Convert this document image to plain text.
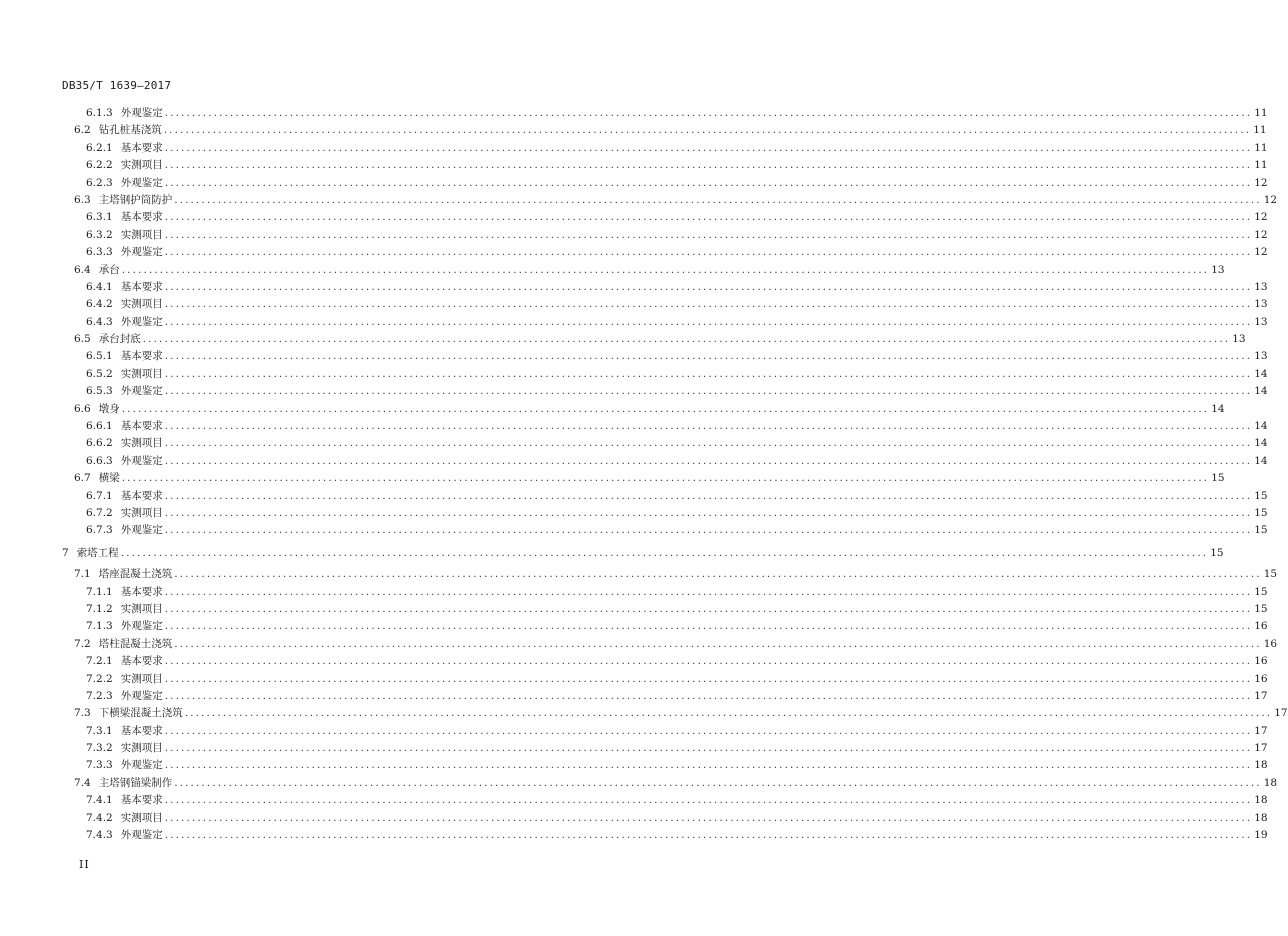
DB35/T 1639—2017
6.1.3 外观鉴定 ........................................................................................................................................................................................................ 11
6.2 钻孔桩基浇筑 ........................................................................................................................................................................................................ 11
6.2.1 基本要求 ........................................................................................................................................................................................................ 11
6.2.2 实测项目 ........................................................................................................................................................................................................ 11
6.2.3 外观鉴定 ........................................................................................................................................................................................................ 12
6.3 主塔钢护筒防护 ........................................................................................................................................................................................................ 12
6.3.1 基本要求 ........................................................................................................................................................................................................ 12
6.3.2 实测项目 ........................................................................................................................................................................................................ 12
6.3.3 外观鉴定 ........................................................................................................................................................................................................ 12
6.4 承台 ........................................................................................................................................................................................................ 13
6.4.1 基本要求 ........................................................................................................................................................................................................ 13
6.4.2 实测项目 ........................................................................................................................................................................................................ 13
6.4.3 外观鉴定 ........................................................................................................................................................................................................ 13
6.5 承台封底 ........................................................................................................................................................................................................ 13
6.5.1 基本要求 ........................................................................................................................................................................................................ 13
6.5.2 实测项目 ........................................................................................................................................................................................................ 14
6.5.3 外观鉴定 ........................................................................................................................................................................................................ 14
6.6 墩身 ........................................................................................................................................................................................................ 14
6.6.1 基本要求 ........................................................................................................................................................................................................ 14
6.6.2 实测项目 ........................................................................................................................................................................................................ 14
6.6.3 外观鉴定 ........................................................................................................................................................................................................ 14
6.7 横梁 ........................................................................................................................................................................................................ 15
6.7.1 基本要求 ........................................................................................................................................................................................................ 15
6.7.2 实测项目 ........................................................................................................................................................................................................ 15
6.7.3 外观鉴定 ........................................................................................................................................................................................................ 15
7 索塔工程 ........................................................................................................................................................................................................ 15
7.1 塔座混凝土浇筑 ........................................................................................................................................................................................................ 15
7.1.1 基本要求 ........................................................................................................................................................................................................ 15
7.1.2 实测项目 ........................................................................................................................................................................................................ 15
7.1.3 外观鉴定 ........................................................................................................................................................................................................ 16
7.2 塔柱混凝土浇筑 ........................................................................................................................................................................................................ 16
7.2.1 基本要求 ........................................................................................................................................................................................................ 16
7.2.2 实测项目 ........................................................................................................................................................................................................ 16
7.2.3 外观鉴定 ........................................................................................................................................................................................................ 17
7.3 下横梁混凝土浇筑 ........................................................................................................................................................................................................ 17
7.3.1 基本要求 ........................................................................................................................................................................................................ 17
7.3.2 实测项目 ........................................................................................................................................................................................................ 17
7.3.3 外观鉴定 ........................................................................................................................................................................................................ 18
7.4 主塔钢锚梁制作 ........................................................................................................................................................................................................ 18
7.4.1 基本要求 ........................................................................................................................................................................................................ 18
7.4.2 实测项目 ........................................................................................................................................................................................................ 18
7.4.3 外观鉴定 ........................................................................................................................................................................................................ 19
II
